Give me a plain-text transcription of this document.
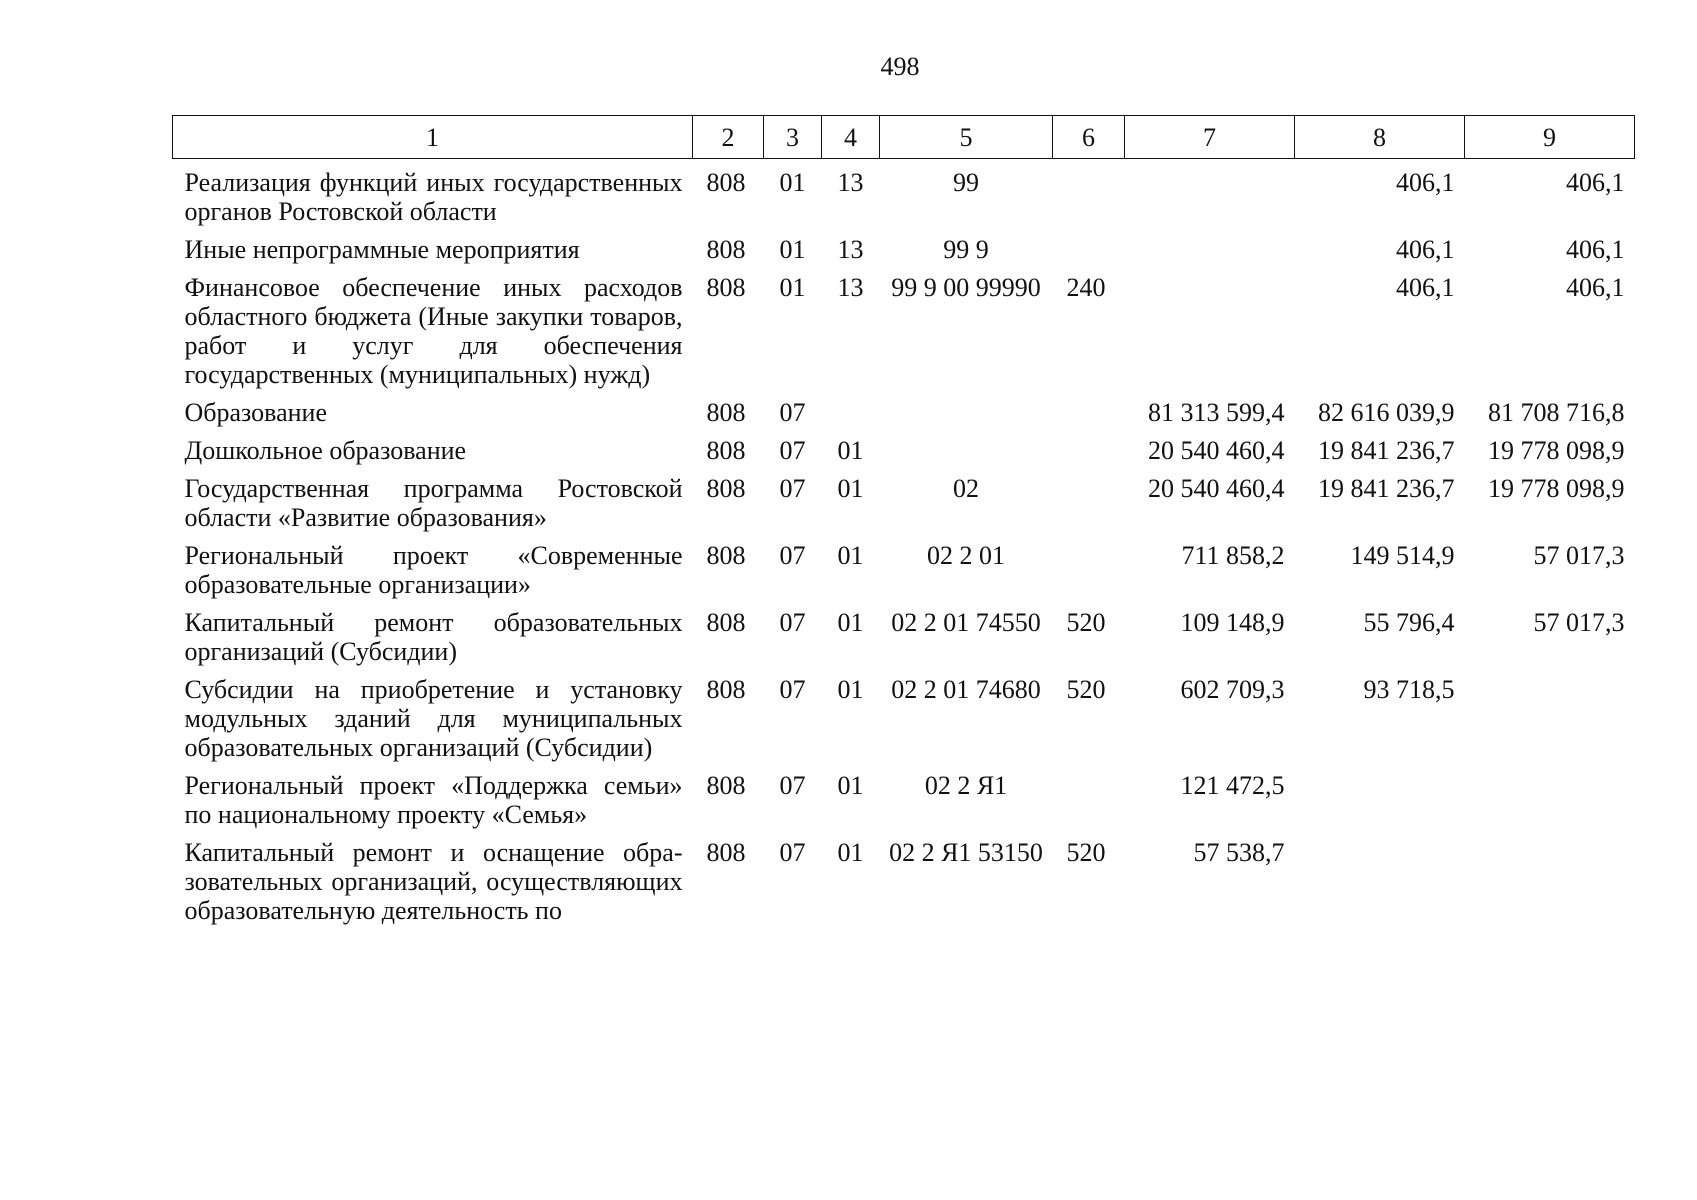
498
1	2	3	4	5	6	7	8	9
Реализация функций иных государственных органов Ростовской области	808	01	13	99			406,1	406,1
Иные непрограммные мероприятия	808	01	13	99 9			406,1	406,1
Финансовое обеспечение иных расходов областного бюджета (Иные закупки товаров, работ и услуг для обеспечения государственных (муниципальных) нужд)	808	01	13	99 9 00 99990	240		406,1	406,1
Образование	808	07				81 313 599,4	82 616 039,9	81 708 716,8
Дошкольное образование	808	07	01			20 540 460,4	19 841 236,7	19 778 098,9
Государственная программа Ростовской области «Развитие образования»	808	07	01	02		20 540 460,4	19 841 236,7	19 778 098,9
Региональный проект «Современные образовательные организации»	808	07	01	02 2 01		711 858,2	149 514,9	57 017,3
Капитальный ремонт образовательных организаций (Субсидии)	808	07	01	02 2 01 74550	520	109 148,9	55 796,4	57 017,3
Субсидии на приобретение и установку модульных зданий для муниципальных образовательных организаций (Субсидии)	808	07	01	02 2 01 74680	520	602 709,3	93 718,5	
Региональный проект «Поддержка семьи» по национальному проекту «Семья»	808	07	01	02 2 Я1		121 472,5		
Капитальный ремонт и оснащение образовательных организаций, осуществляющих образовательную деятельность по	808	07	01	02 2 Я1 53150	520	57 538,7		
